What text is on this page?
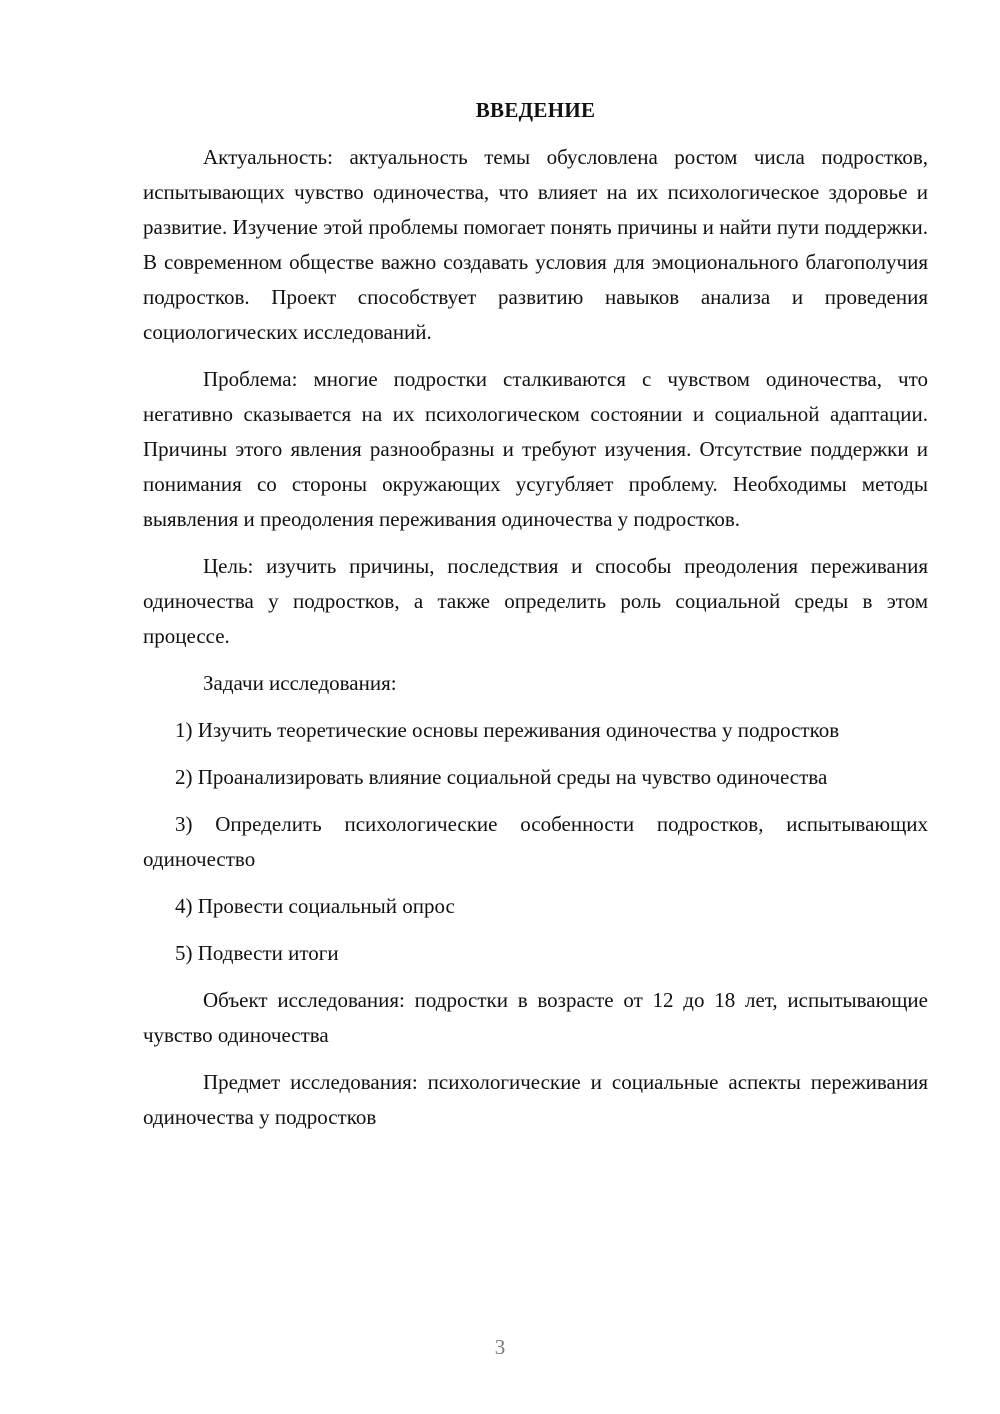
ВВЕДЕНИЕ

Актуальность: актуальность темы обусловлена ростом числа подростков, испытывающих чувство одиночества, что влияет на их психологическое здоровье и развитие. Изучение этой проблемы помогает понять причины и найти пути поддержки. В современном обществе важно создавать условия для эмоционального благополучия подростков. Проект способствует развитию навыков анализа и проведения социологических исследований.

Проблема: многие подростки сталкиваются с чувством одиночества, что негативно сказывается на их психологическом состоянии и социальной адаптации. Причины этого явления разнообразны и требуют изучения. Отсутствие поддержки и понимания со стороны окружающих усугубляет проблему. Необходимы методы выявления и преодоления переживания одиночества у подростков.

Цель: изучить причины, последствия и способы преодоления переживания одиночества у подростков, а также определить роль социальной среды в этом процессе.

Задачи исследования:

1) Изучить теоретические основы переживания одиночества у подростков

2) Проанализировать влияние социальной среды на чувство одиночества

3) Определить психологические особенности подростков, испытывающих одиночество

4) Провести социальный опрос

5) Подвести итоги

Объект исследования: подростки в возрасте от 12 до 18 лет, испытывающие чувство одиночества

Предмет исследования: психологические и социальные аспекты переживания одиночества у подростков

3
